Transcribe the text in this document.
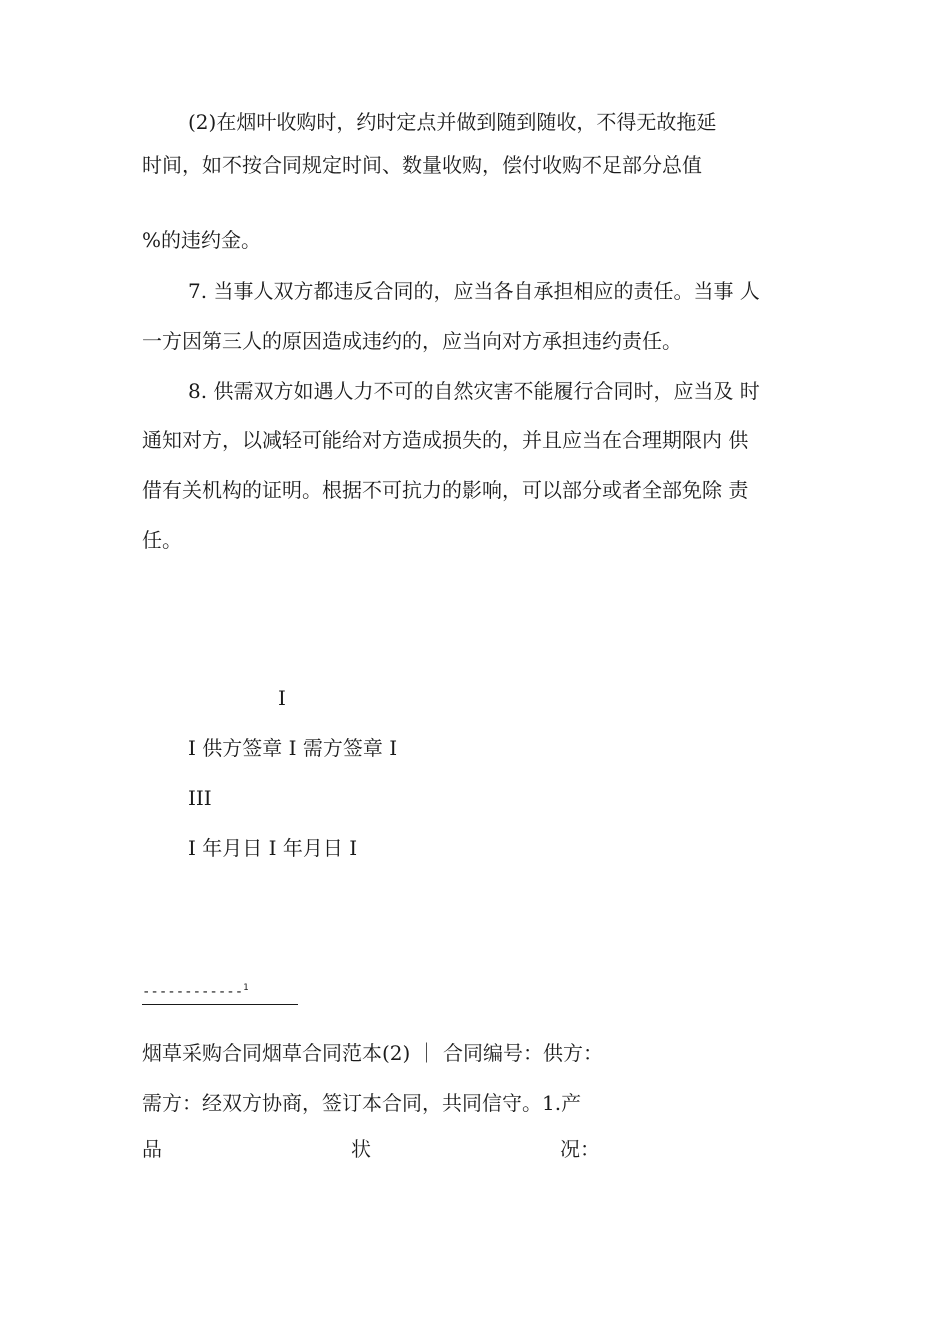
(2)在烟叶收购时，约时定点并做到随到随收，不得无故拖延
时间，如不按合同规定时间、数量收购，偿付收购不足部分总值
%的违约金。
7. 当事人双方都违反合同的，应当各自承担相应的责任。当事 人
一方因第三人的原因造成违约的，应当向对方承担违约责任。
8. 供需双方如遇人力不可的自然灾害不能履行合同时，应当及 时
通知对方，以减轻可能给对方造成损失的，并且应当在合理期限内 供
借有关机构的证明。根据不可抗力的影响，可以部分或者全部免除 责
任。
I
I 供方签章 I 需方签章 I
III
I 年月日 I 年月日 I
------------$^1$
烟草采购合同烟草合同范本(2) ｜ 合同编号：供方：
需方：经双方协商，签订本合同，共同信守。1.产
品	状	况：
